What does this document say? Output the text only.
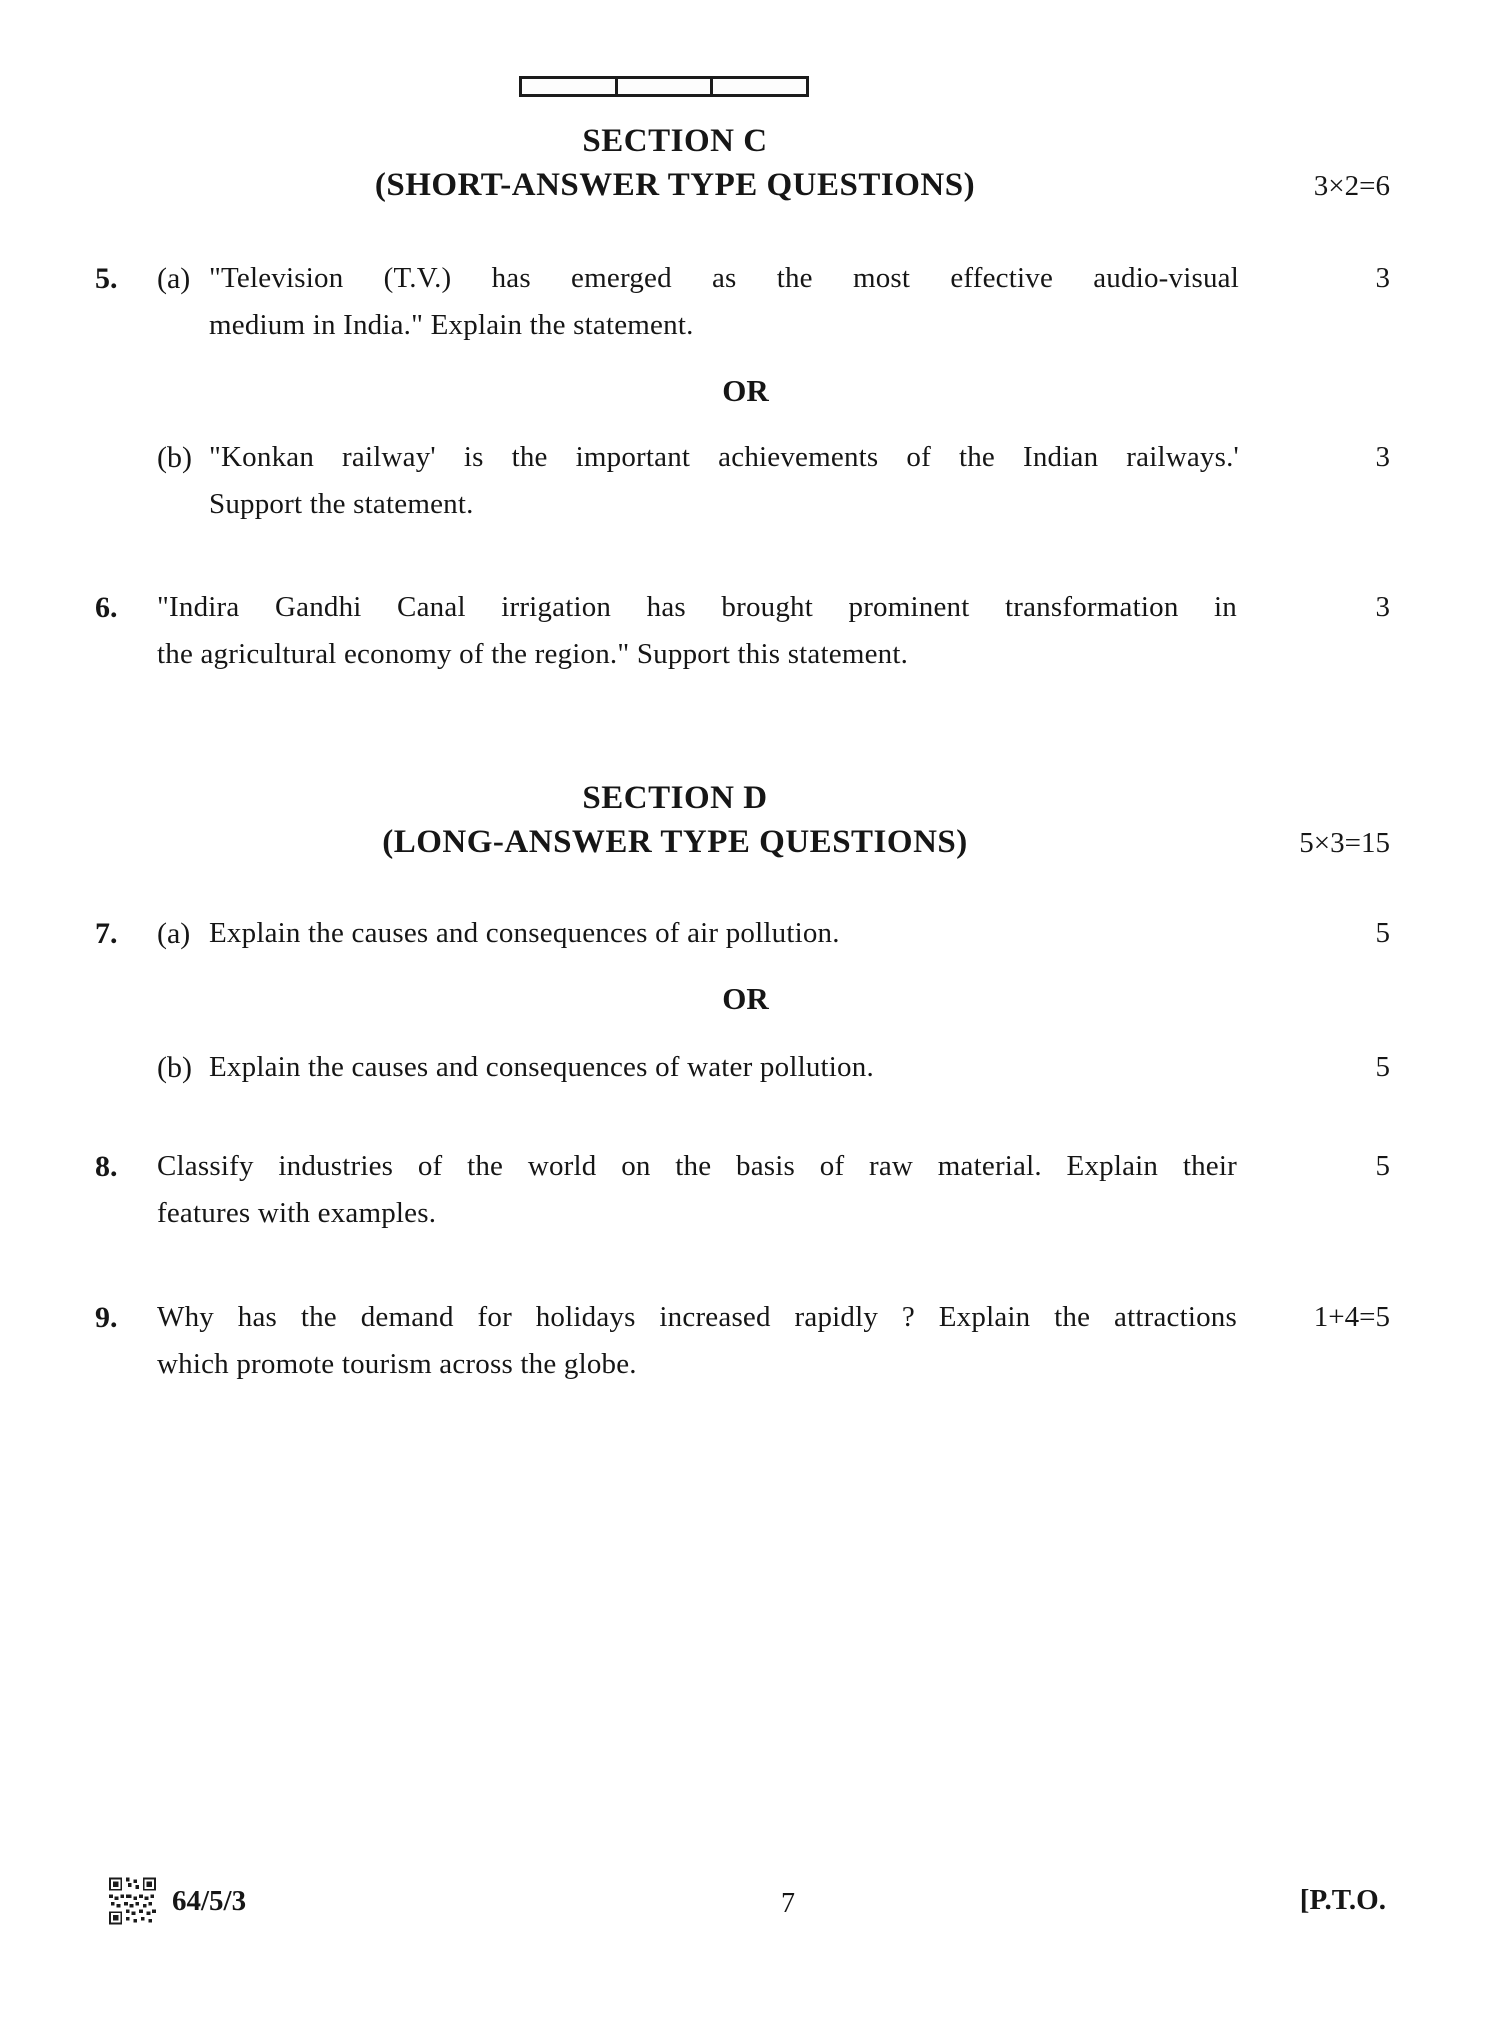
SECTION C
(SHORT-ANSWER TYPE QUESTIONS)	3×2=6
5.	(a) "Television (T.V.) has emerged as the most effective audio-visual
medium in India." Explain the statement.
3
OR
(b) "Konkan railway' is the important achievements of the Indian railways.'
Support the statement.
3
6.	"Indira Gandhi Canal irrigation has brought prominent transformation in
the agricultural economy of the region." Support this statement.
3
SECTION D
(LONG-ANSWER TYPE QUESTIONS)	5×3=15
7.	(a) Explain the causes and consequences of air pollution.	5
OR
(b) Explain the causes and consequences of water pollution.	5
8.	Classify industries of the world on the basis of raw material. Explain their
features with examples.
5
9.	Why has the demand for holidays increased rapidly ? Explain the attractions
which promote tourism across the globe.
1+4=5
64/5/3	7	[P.T.O.
